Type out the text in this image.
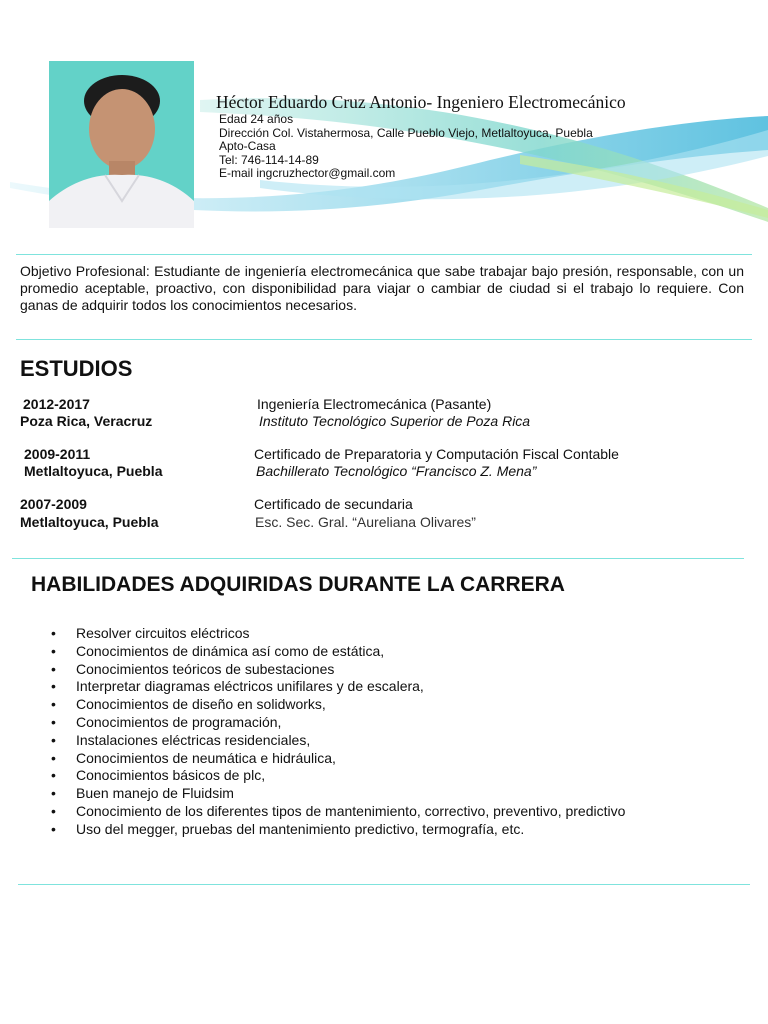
Héctor Eduardo Cruz Antonio- Ingeniero Electromecánico
Edad 24 años
Dirección Col. Vistahermosa, Calle Pueblo Viejo, Metlaltoyuca, Puebla
Apto-Casa
Tel: 746-114-14-89
E-mail ingcruzhector@gmail.com
Objetivo Profesional: Estudiante de ingeniería electromecánica que sabe trabajar bajo presión, responsable, con un promedio aceptable, proactivo, con disponibilidad para viajar o cambiar de ciudad si el trabajo lo requiere. Con ganas de adquirir todos los conocimientos necesarios.
ESTUDIOS
2012-2017
Poza Rica, Veracruz
Ingeniería Electromecánica (Pasante)
Instituto Tecnológico Superior de Poza Rica
2009-2011
Metlaltoyuca, Puebla
Certificado de Preparatoria y Computación Fiscal Contable
Bachillerato Tecnológico “Francisco Z. Mena”
2007-2009
Metlaltoyuca, Puebla
Certificado de secundaria
Esc. Sec. Gral. “Aureliana Olivares”
HABILIDADES ADQUIRIDAS DURANTE LA CARRERA
• Resolver circuitos eléctricos
• Conocimientos de dinámica así como de estática,
• Conocimientos teóricos de subestaciones
• Interpretar diagramas eléctricos unifilares y de escalera,
• Conocimientos de diseño en solidworks,
• Conocimientos de programación,
• Instalaciones eléctricas residenciales,
• Conocimientos de neumática e hidráulica,
• Conocimientos básicos de plc,
• Buen manejo de Fluidsim
• Conocimiento de los diferentes tipos de mantenimiento, correctivo, preventivo, predictivo
• Uso del megger, pruebas del mantenimiento predictivo, termografía, etc.
